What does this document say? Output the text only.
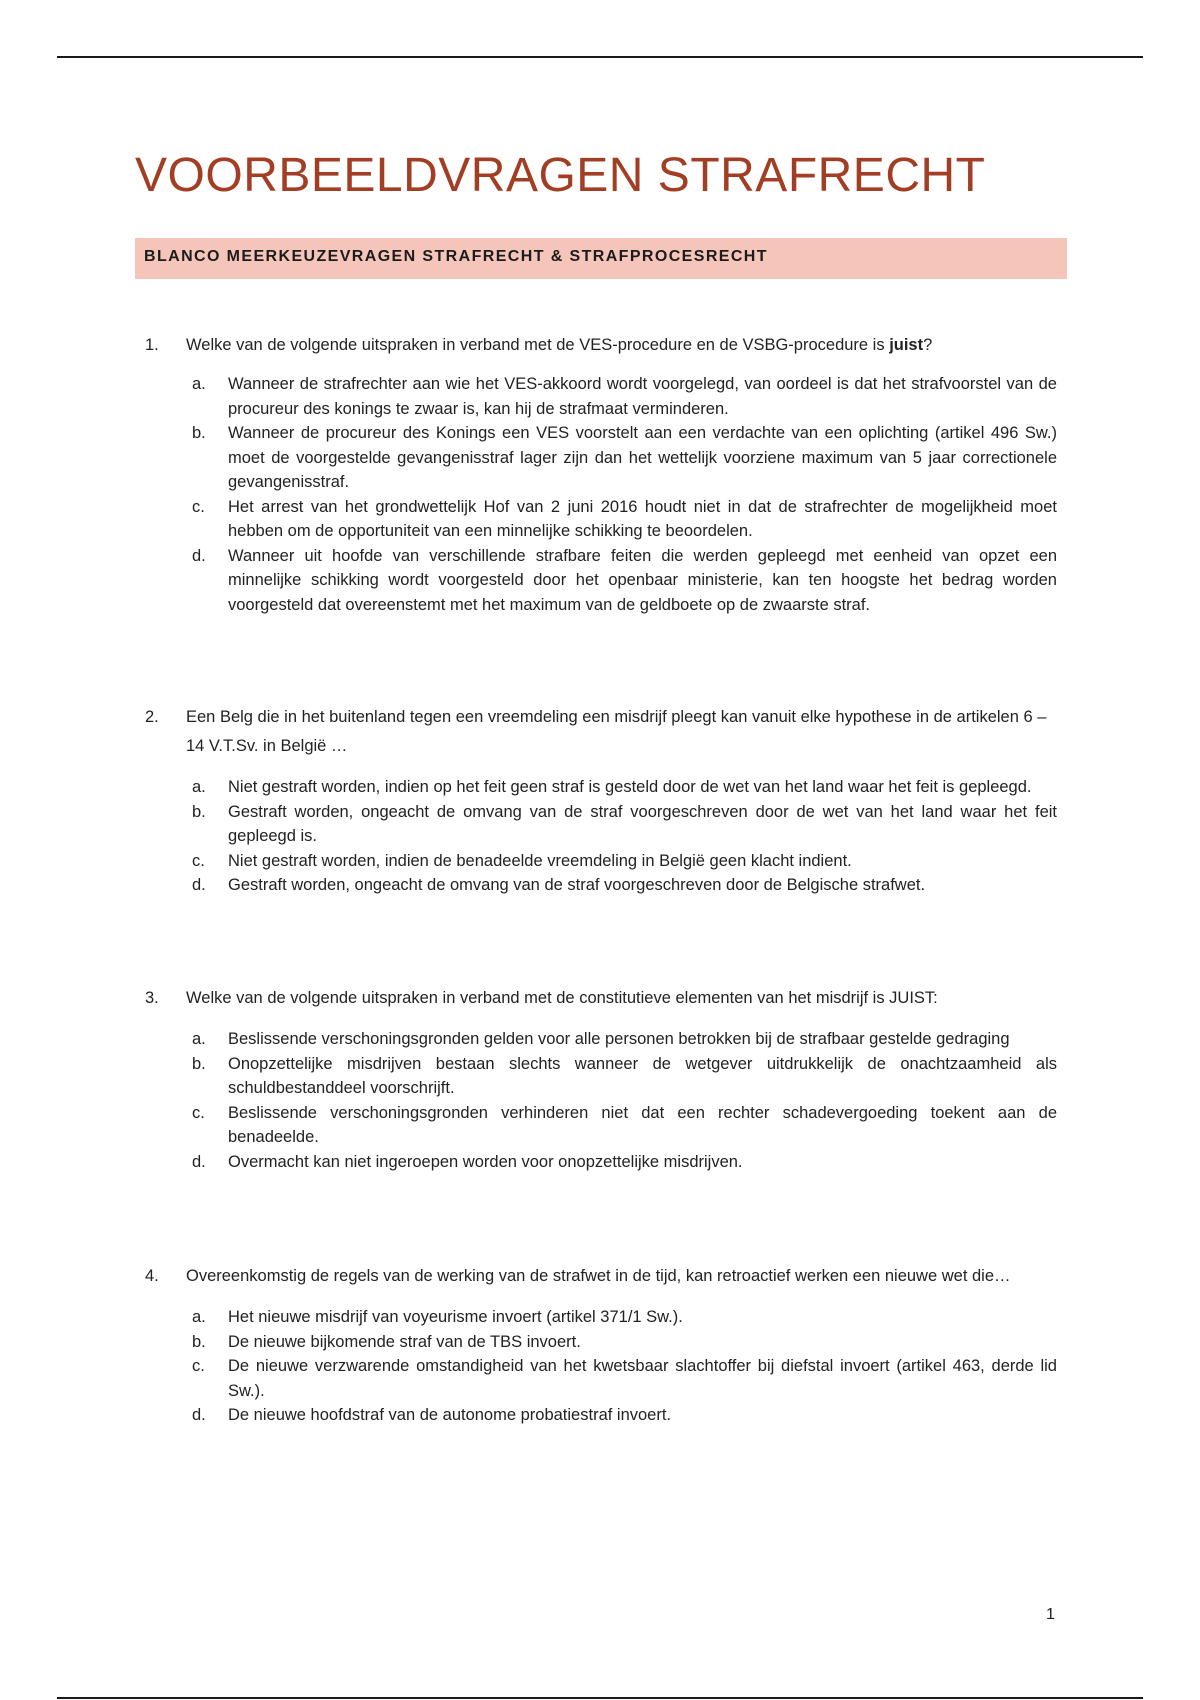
VOORBEELDVRAGEN STRAFRECHT
BLANCO MEERKEUZEVRAGEN STRAFRECHT & STRAFPROCESRECHT
1.	Welke van de volgende uitspraken in verband met de VES-procedure en de VSBG-procedure is juist?
a.	Wanneer de strafrechter aan wie het VES-akkoord wordt voorgelegd, van oordeel is dat het strafvoorstel van de procureur des konings te zwaar is, kan hij de strafmaat verminderen.
b.	Wanneer de procureur des Konings een VES voorstelt aan een verdachte van een oplichting (artikel 496 Sw.) moet de voorgestelde gevangenisstraf lager zijn dan het wettelijk voorziene maximum van 5 jaar correctionele gevangenisstraf.
c.	Het arrest van het grondwettelijk Hof van 2 juni 2016 houdt niet in dat de strafrechter de mogelijkheid moet hebben om de opportuniteit van een minnelijke schikking te beoordelen.
d.	Wanneer uit hoofde van verschillende strafbare feiten die werden gepleegd met eenheid van opzet een minnelijke schikking wordt voorgesteld door het openbaar ministerie, kan ten hoogste het bedrag worden voorgesteld dat overeenstemt met het maximum van de geldboete op de zwaarste straf.
2.	Een Belg die in het buitenland tegen een vreemdeling een misdrijf pleegt kan vanuit elke hypothese in de artikelen 6 – 14 V.T.Sv. in België …
a.	Niet gestraft worden, indien op het feit geen straf is gesteld door de wet van het land waar het feit is gepleegd.
b.	Gestraft worden, ongeacht de omvang van de straf voorgeschreven door de wet van het land waar het feit gepleegd is.
c.	Niet gestraft worden, indien de benadeelde vreemdeling in België geen klacht indient.
d.	Gestraft worden, ongeacht de omvang van de straf voorgeschreven door de Belgische strafwet.
3.	Welke van de volgende uitspraken in verband met de constitutieve elementen van het misdrijf is JUIST:
a.	Beslissende verschoningsgronden gelden voor alle personen betrokken bij de strafbaar gestelde gedraging
b.	Onopzettelijke misdrijven bestaan slechts wanneer de wetgever uitdrukkelijk de onachtzaamheid als schuldbestanddeel voorschrijft.
c.	Beslissende verschoningsgronden verhinderen niet dat een rechter schadevergoeding toekent aan de benadeelde.
d.	Overmacht kan niet ingeroepen worden voor onopzettelijke misdrijven.
4.	Overeenkomstig de regels van de werking van de strafwet in de tijd, kan retroactief werken een nieuwe wet die…
a.	Het nieuwe misdrijf van voyeurisme invoert (artikel 371/1 Sw.).
b.	De nieuwe bijkomende straf van de TBS invoert.
c.	De nieuwe verzwarende omstandigheid van het kwetsbaar slachtoffer bij diefstal invoert (artikel 463, derde lid Sw.).
d.	De nieuwe hoofdstraf van de autonome probatiestraf invoert.
1
